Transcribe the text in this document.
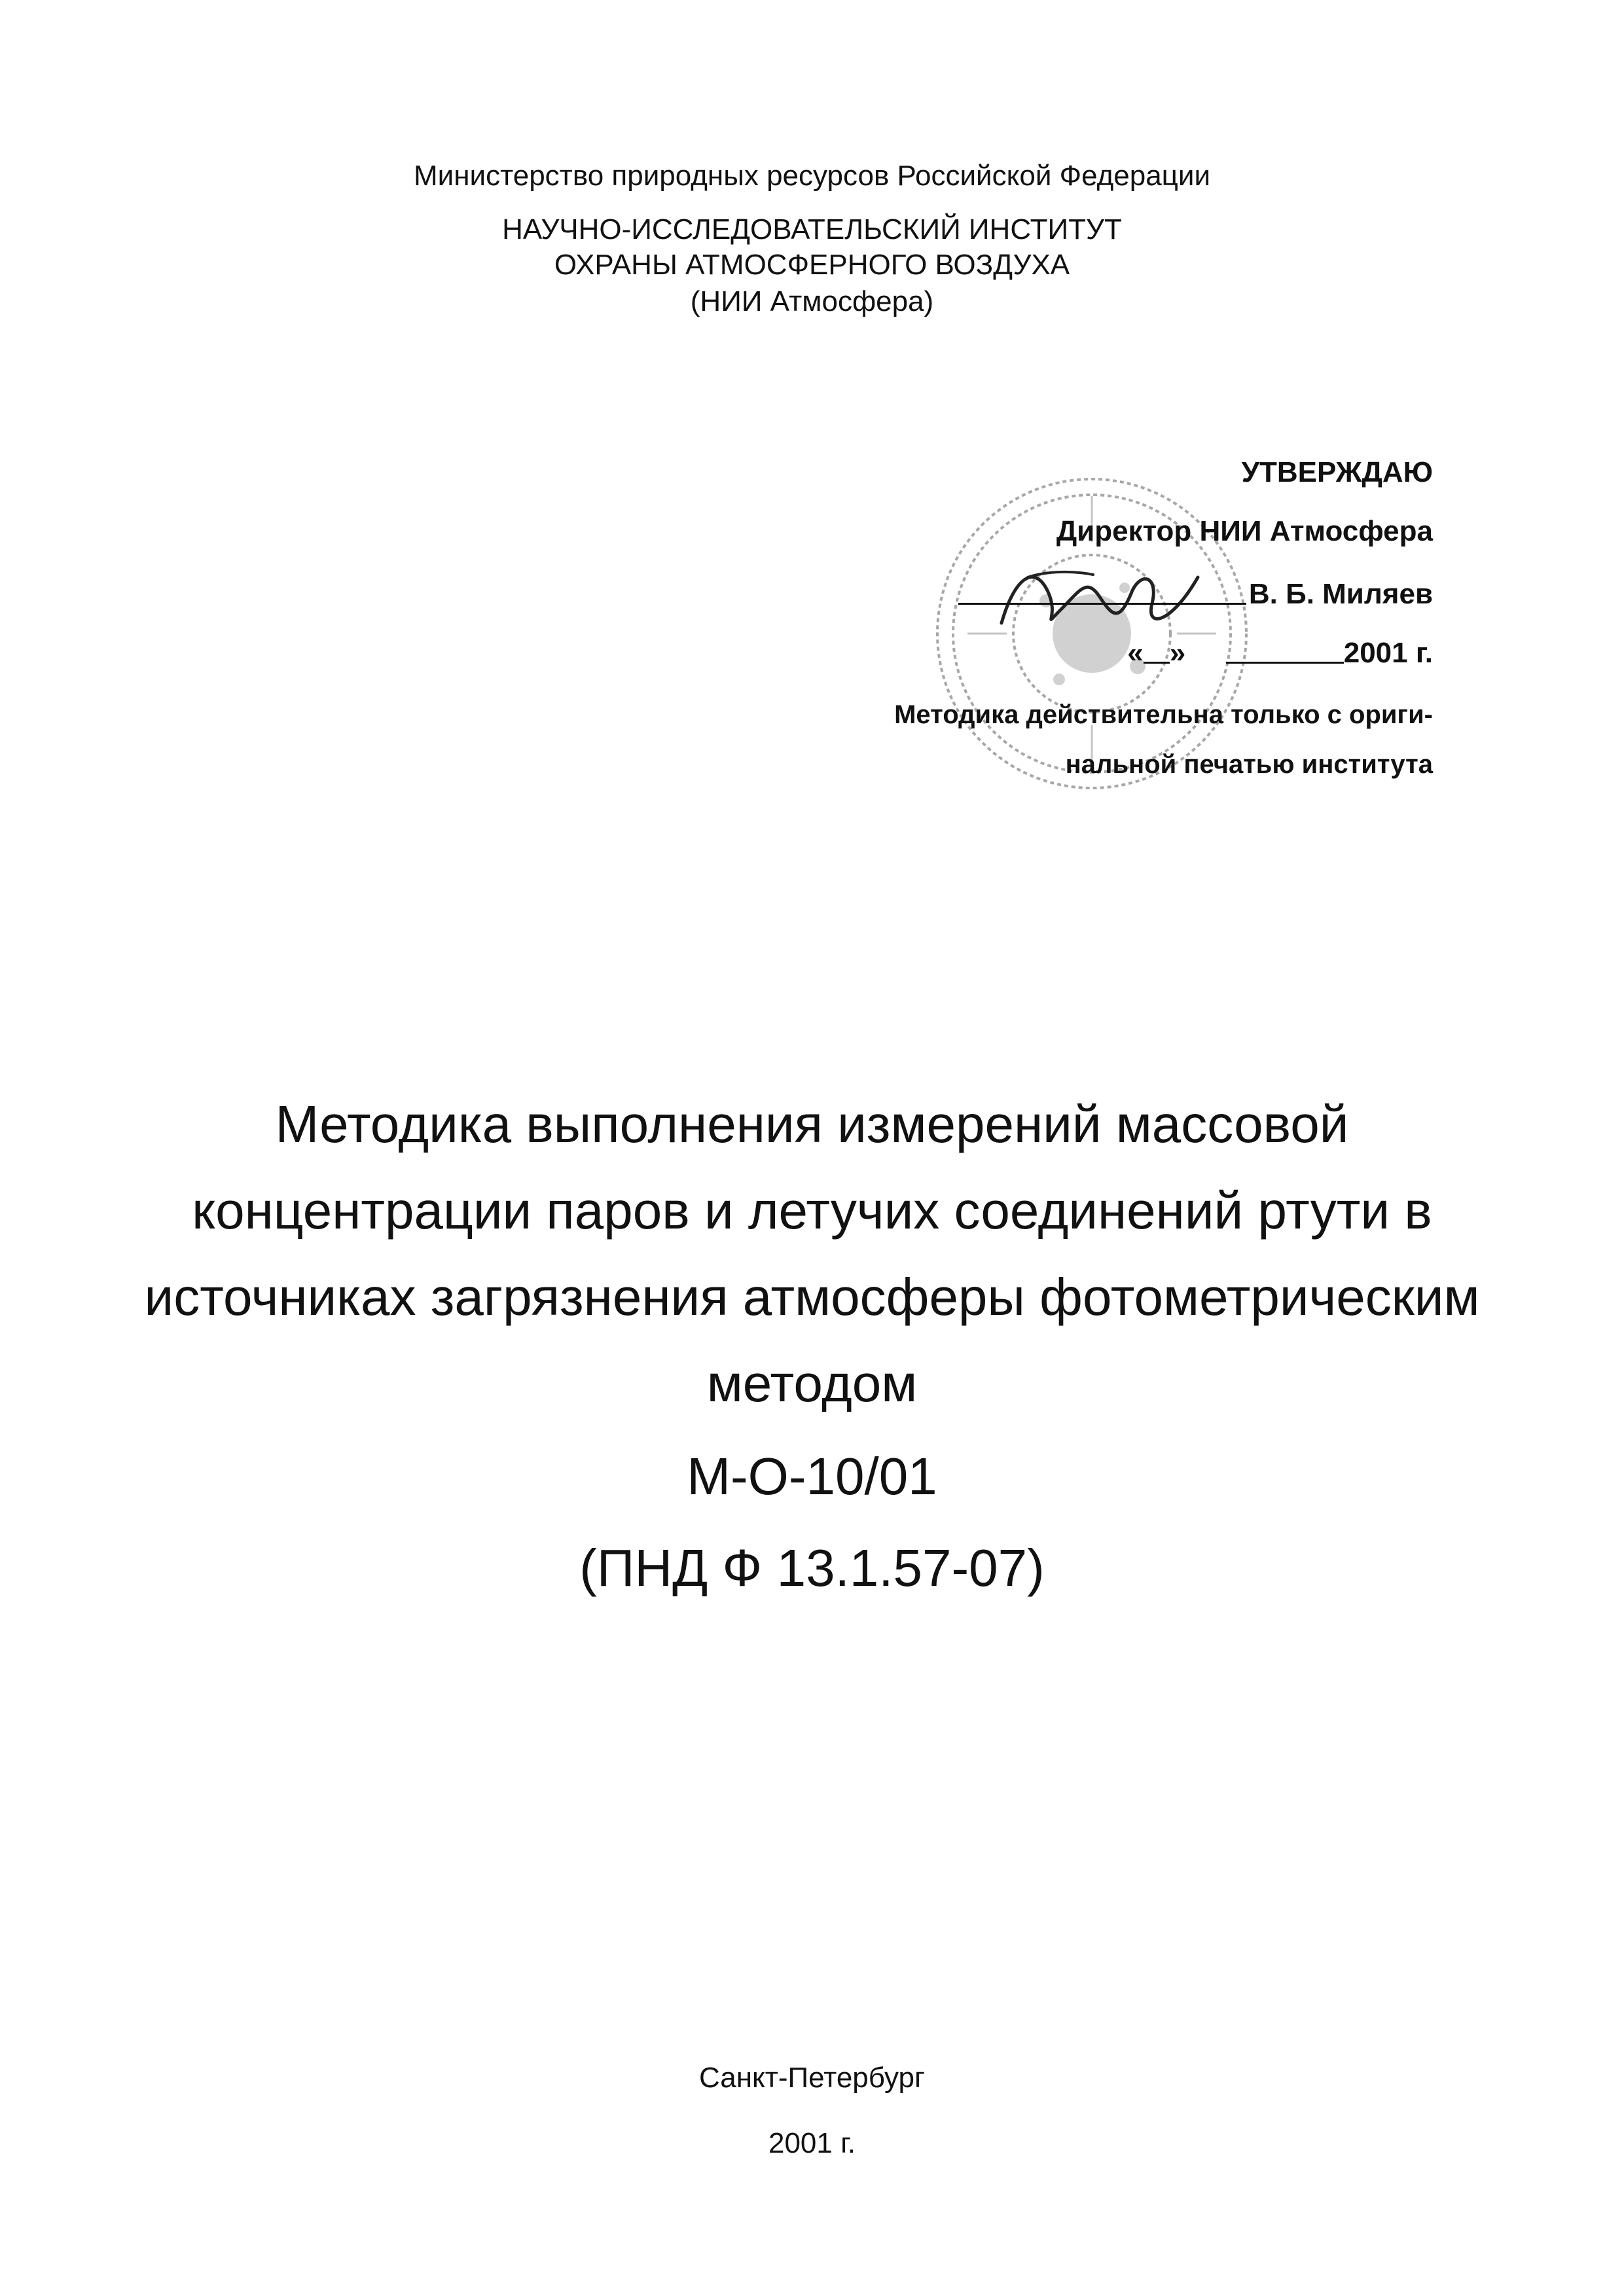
Министерство природных ресурсов Российской Федерации
НАУЧНО-ИССЛЕДОВАТЕЛЬСКИЙ ИНСТИТУТ
ОХРАНЫ АТМОСФЕРНОГО ВОЗДУХА
(НИИ Атмосфера)
УТВЕРЖДАЮ
Директор НИИ Атмосфера
В. Б. Миляев
« »	2001 г.
Методика действительна только с ориги-
нальной печатью института
Методика выполнения измерений массовой
концентрации паров и летучих соединений ртути в
источниках загрязнения атмосферы фотометрическим
методом
М-О-10/01
(ПНД Ф 13.1.57-07)
Санкт-Петербург
2001 г.
